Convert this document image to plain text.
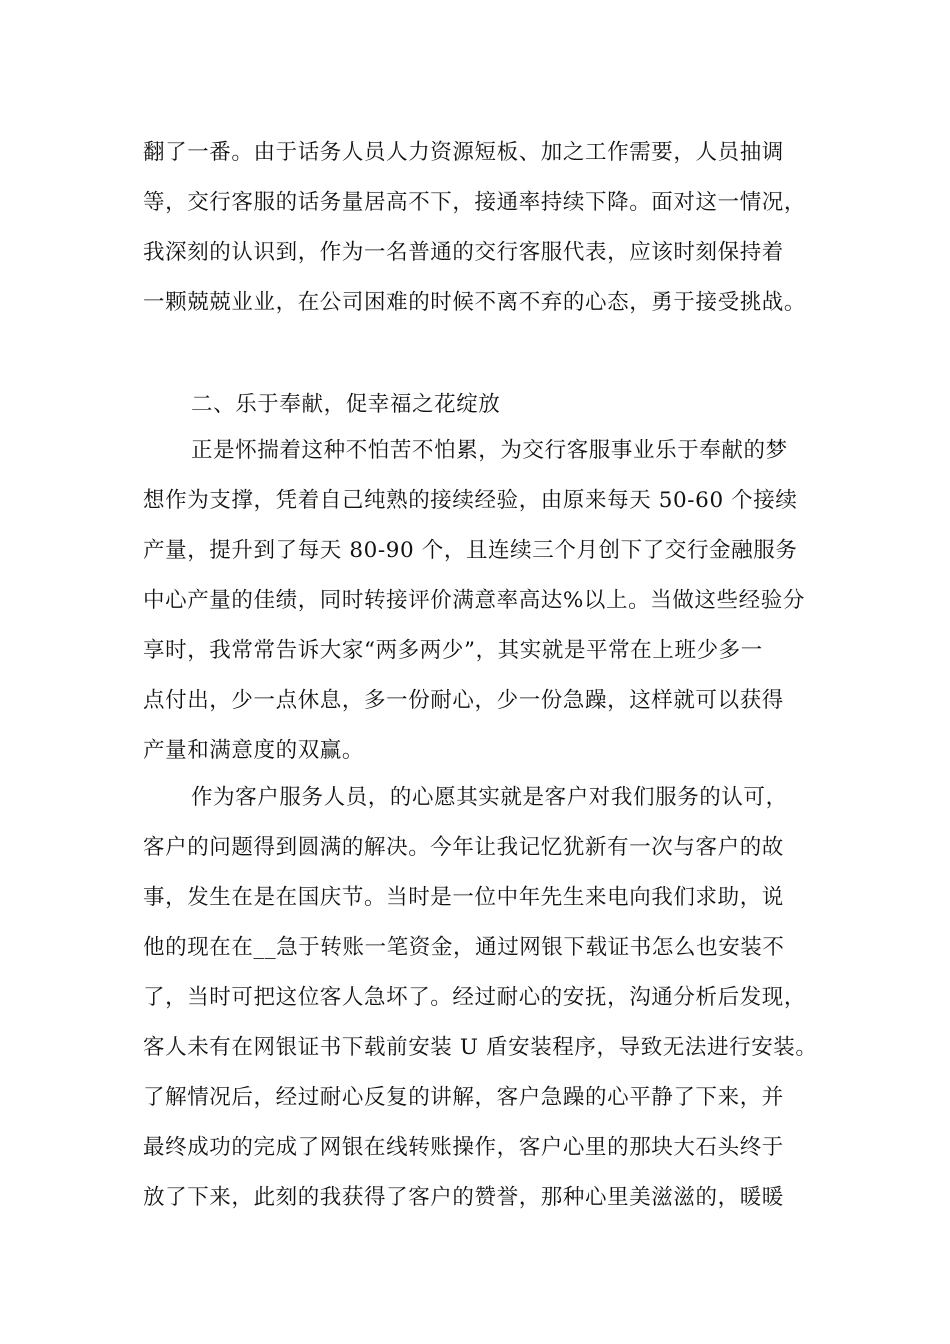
翻了一番。由于话务人员人力资源短板、加之工作需要，人员抽调

等，交行客服的话务量居高不下，接通率持续下降。面对这一情况，

我深刻的认识到，作为一名普通的交行客服代表，应该时刻保持着

一颗兢兢业业，在公司困难的时候不离不弃的心态，勇于接受挑战。

二、乐于奉献，促幸福之花绽放

正是怀揣着这种不怕苦不怕累，为交行客服事业乐于奉献的梦

想作为支撑，凭着自己纯熟的接续经验，由原来每天 50-60 个接续

产量，提升到了每天 80-90 个，且连续三个月创下了交行金融服务

中心产量的佳绩，同时转接评价满意率高达%以上。当做这些经验分

享时，我常常告诉大家“两多两少”，其实就是平常在上班少多一

点付出，少一点休息，多一份耐心，少一份急躁，这样就可以获得

产量和满意度的双赢。

作为客户服务人员，的心愿其实就是客户对我们服务的认可，

客户的问题得到圆满的解决。今年让我记忆犹新有一次与客户的故

事，发生在是在国庆节。当时是一位中年先生来电向我们求助，说

他的现在在__急于转账一笔资金，通过网银下载证书怎么也安装不

了，当时可把这位客人急坏了。经过耐心的安抚，沟通分析后发现，

客人未有在网银证书下载前安装 U 盾安装程序，导致无法进行安装。

了解情况后，经过耐心反复的讲解，客户急躁的心平静了下来，并

最终成功的完成了网银在线转账操作，客户心里的那块大石头终于

放了下来，此刻的我获得了客户的赞誉，那种心里美滋滋的，暖暖
